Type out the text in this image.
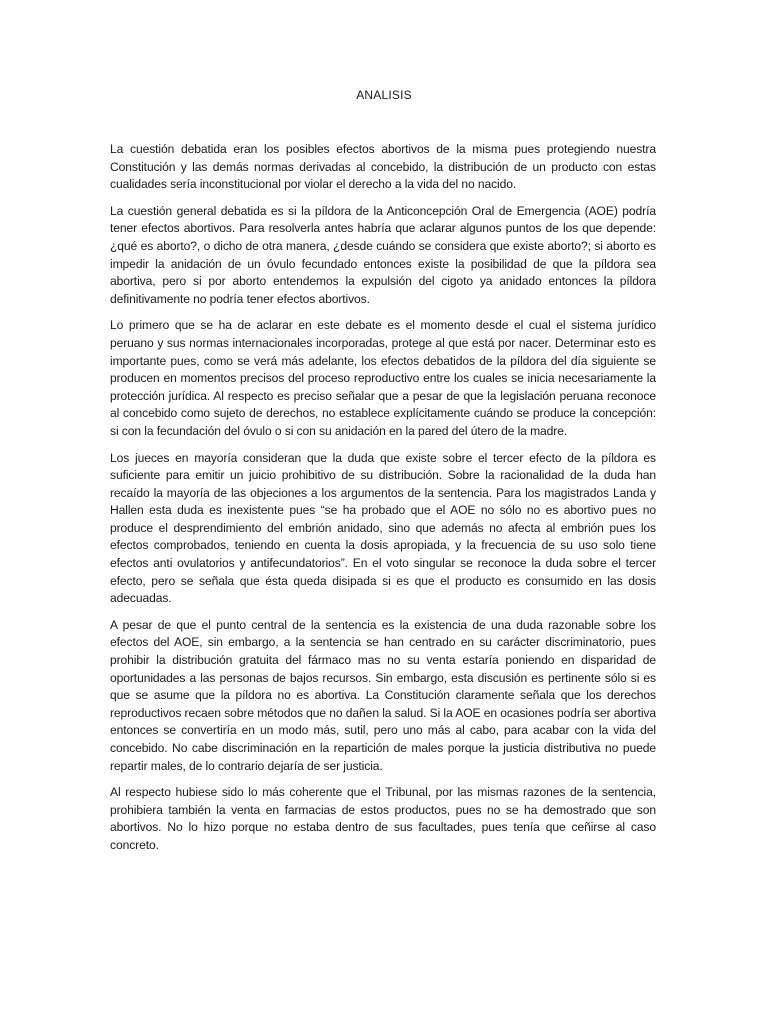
ANALISIS

La cuestión debatida eran los posibles efectos abortivos de la misma pues protegiendo nuestra Constitución y las demás normas derivadas al concebido, la distribución de un producto con estas cualidades sería inconstitucional por violar el derecho a la vida del no nacido.

La cuestión general debatida es si la píldora de la Anticoncepción Oral de Emergencia (AOE) podría tener efectos abortivos. Para resolverla antes habría que aclarar algunos puntos de los que depende: ¿qué es aborto?, o dicho de otra manera, ¿desde cuándo se considera que existe aborto?; si aborto es impedir la anidación de un óvulo fecundado entonces existe la posibilidad de que la píldora sea abortiva, pero si por aborto entendemos la expulsión del cigoto ya anidado entonces la píldora definitivamente no podría tener efectos abortivos.

Lo primero que se ha de aclarar en este debate es el momento desde el cual el sistema jurídico peruano y sus normas internacionales incorporadas, protege al que está por nacer. Determinar esto es importante pues, como se verá más adelante, los efectos debatidos de la píldora del día siguiente se producen en momentos precisos del proceso reproductivo entre los cuales se inicia necesariamente la protección jurídica. Al respecto es preciso señalar que a pesar de que la legislación peruana reconoce al concebido como sujeto de derechos, no establece explícitamente cuándo se produce la concepción: si con la fecundación del óvulo o si con su anidación en la pared del útero de la madre.

Los jueces en mayoría consideran que la duda que existe sobre el tercer efecto de la píldora es suficiente para emitir un juicio prohibitivo de su distribución. Sobre la racionalidad de la duda han recaído la mayoría de las objeciones a los argumentos de la sentencia. Para los magistrados Landa y Hallen esta duda es inexistente pues “se ha probado que el AOE no sólo no es abortivo pues no produce el desprendimiento del embrión anidado, sino que además no afecta al embrión pues los efectos comprobados, teniendo en cuenta la dosis apropiada, y la frecuencia de su uso solo tiene efectos anti ovulatorios y antifecundatorios”. En el voto singular se reconoce la duda sobre el tercer efecto, pero se señala que ésta queda disipada si es que el producto es consumido en las dosis adecuadas.

A pesar de que el punto central de la sentencia es la existencia de una duda razonable sobre los efectos del AOE, sin embargo, a la sentencia se han centrado en su carácter discriminatorio, pues prohibir la distribución gratuita del fármaco mas no su venta estaría poniendo en disparidad de oportunidades a las personas de bajos recursos. Sin embargo, esta discusión es pertinente sólo si es que se asume que la píldora no es abortiva. La Constitución claramente señala que los derechos reproductivos recaen sobre métodos que no dañen la salud. Si la AOE en ocasiones podría ser abortiva entonces se convertiría en un modo más, sutil, pero uno más al cabo, para acabar con la vida del concebido. No cabe discriminación en la repartición de males porque la justicia distributiva no puede repartir males, de lo contrario dejaría de ser justicia.

Al respecto hubiese sido lo más coherente que el Tribunal, por las mismas razones de la sentencia, prohibiera también la venta en farmacias de estos productos, pues no se ha demostrado que son abortivos. No lo hizo porque no estaba dentro de sus facultades, pues tenía que ceñirse al caso concreto.
